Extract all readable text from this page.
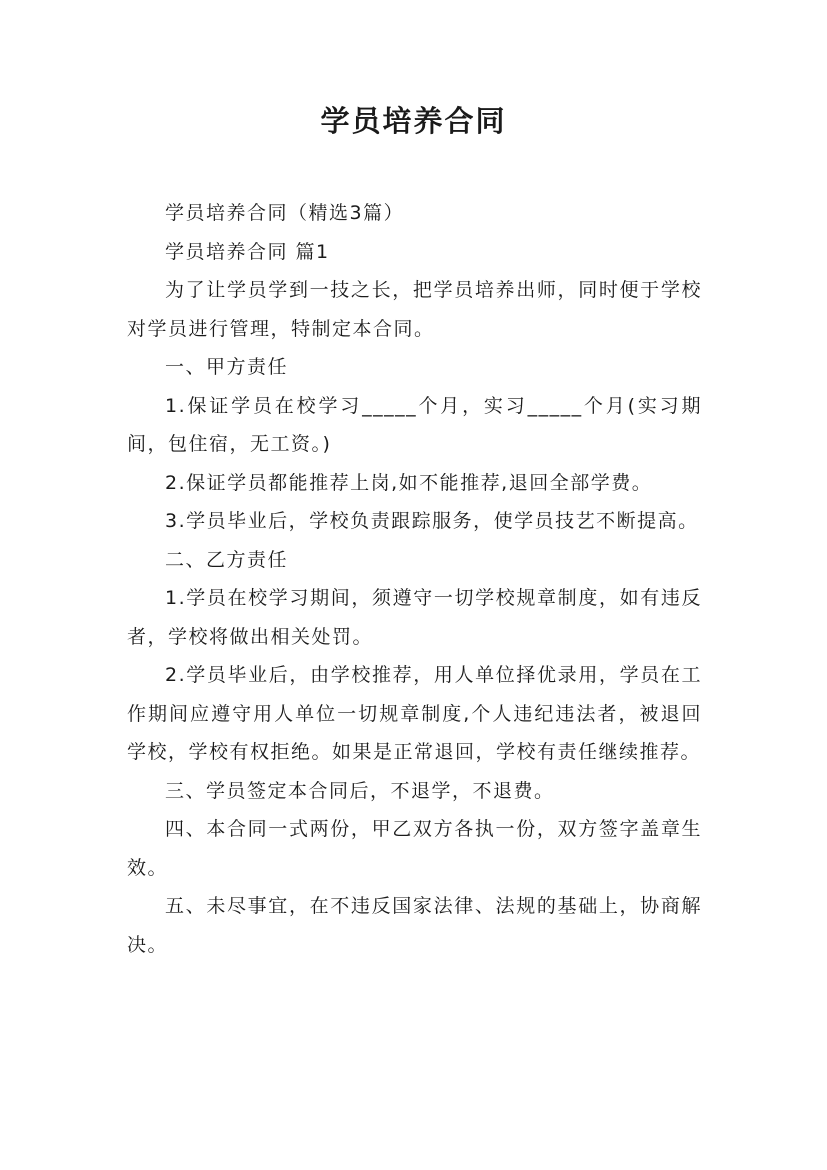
学员培养合同

学员培养合同（精选3篇）

学员培养合同 篇1

为了让学员学到一技之长，把学员培养出师，同时便于学校对学员进行管理，特制定本合同。

一、甲方责任

1.保证学员在校学习_____个月，实习_____个月(实习期间，包住宿，无工资。)

2.保证学员都能推荐上岗,如不能推荐,退回全部学费。

3.学员毕业后，学校负责跟踪服务，使学员技艺不断提高。

二、乙方责任

1.学员在校学习期间，须遵守一切学校规章制度，如有违反者，学校将做出相关处罚。

2.学员毕业后，由学校推荐，用人单位择优录用，学员在工作期间应遵守用人单位一切规章制度,个人违纪违法者，被退回学校，学校有权拒绝。如果是正常退回，学校有责任继续推荐。

三、学员签定本合同后，不退学，不退费。

四、本合同一式两份，甲乙双方各执一份，双方签字盖章生效。

五、未尽事宜，在不违反国家法律、法规的基础上，协商解决。
